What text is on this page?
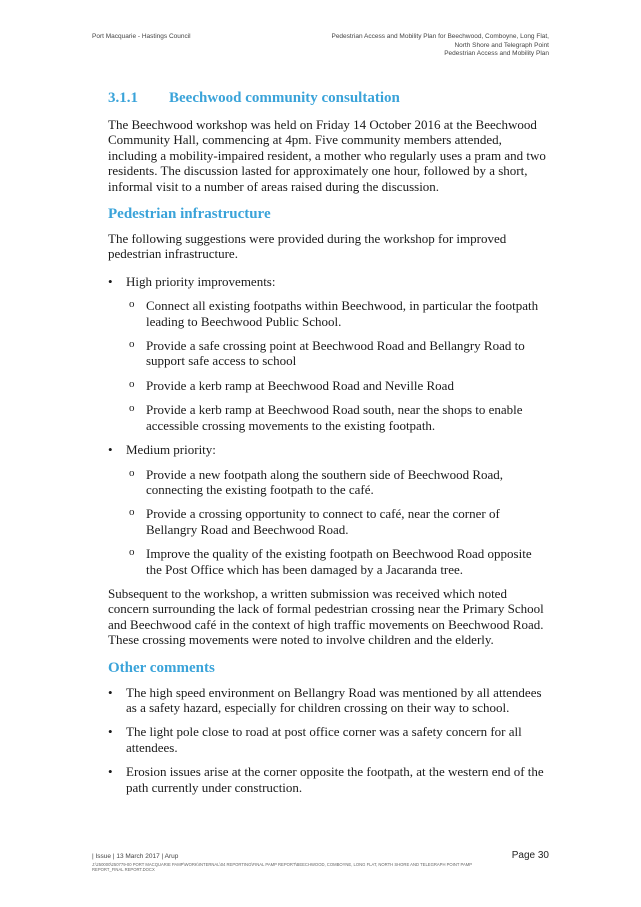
Port Macquarie - Hastings Council	Pedestrian Access and Mobility Plan for Beechwood, Comboyne, Long Flat,
North Shore and Telegraph Point
Pedestrian Access and Mobility Plan
3.1.1	Beechwood community consultation

The Beechwood workshop was held on Friday 14 October 2016 at the Beechwood Community Hall, commencing at 4pm. Five community members attended, including a mobility-impaired resident, a mother who regularly uses a pram and two residents. The discussion lasted for approximately one hour, followed by a short, informal visit to a number of areas raised during the discussion.

Pedestrian infrastructure

The following suggestions were provided during the workshop for improved pedestrian infrastructure.

• High priority improvements:
o Connect all existing footpaths within Beechwood, in particular the footpath leading to Beechwood Public School.
o Provide a safe crossing point at Beechwood Road and Bellangry Road to support safe access to school
o Provide a kerb ramp at Beechwood Road and Neville Road
o Provide a kerb ramp at Beechwood Road south, near the shops to enable accessible crossing movements to the existing footpath.
• Medium priority:
o Provide a new footpath along the southern side of Beechwood Road, connecting the existing footpath to the café.
o Provide a crossing opportunity to connect to café, near the corner of Bellangry Road and Beechwood Road.
o Improve the quality of the existing footpath on Beechwood Road opposite the Post Office which has been damaged by a Jacaranda tree.

Subsequent to the workshop, a written submission was received which noted concern surrounding the lack of formal pedestrian crossing near the Primary School and Beechwood café in the context of high traffic movements on Beechwood Road. These crossing movements were noted to involve children and the elderly.

Other comments
• The high speed environment on Bellangry Road was mentioned by all attendees as a safety hazard, especially for children crossing on their way to school.
• The light pole close to road at post office corner was a safety concern for all attendees.
• Erosion issues arise at the corner opposite the footpath, at the western end of the path currently under construction.
| Issue | 13 March 2017 | Arup
J:\250000\250779-00 PORT MACQUARIE PAMP\WORK\INTERNAL\04 REPORTING\FINAL PAMP REPORT\BEECHWOOD, COMBOYNE, LONG FLAT, NORTH SHORE AND TELEGRAPH POINT PAMP REPORT_FINAL REPORT.DOCX
Page 30
